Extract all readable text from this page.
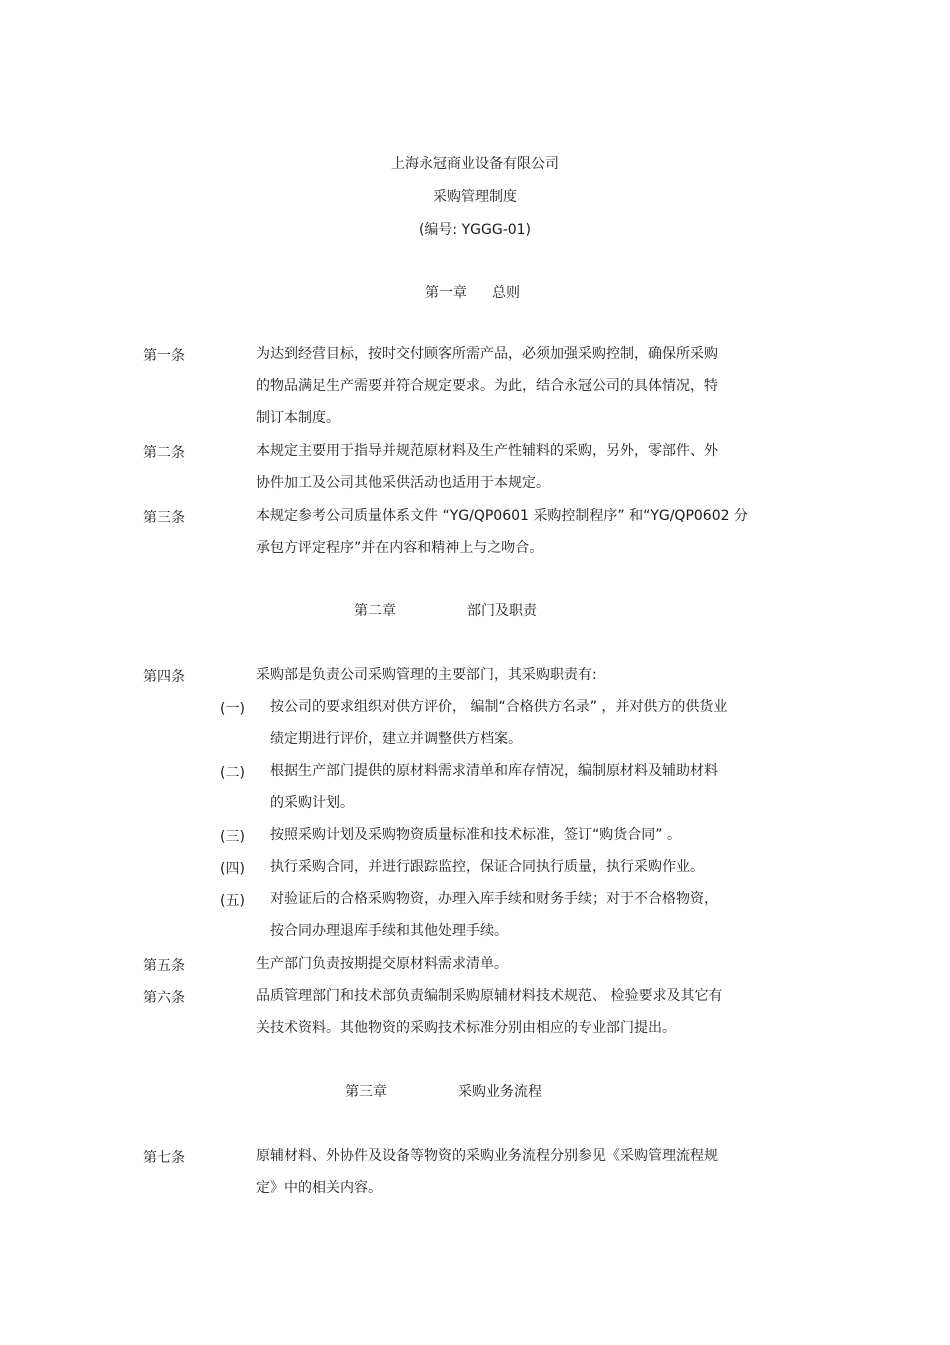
上海永冠商业设备有限公司
采购管理制度
(编号: YGGG-01)
第一章 总则
第一条	为达到经营目标，按时交付顾客所需产品，必须加强采购控制，确保所采购
的物品满足生产需要并符合规定要求。为此，结合永冠公司的具体情况，特
制订本制度。
第二条	本规定主要用于指导并规范原材料及生产性辅料的采购，另外，零部件、外
协件加工及公司其他采供活动也适用于本规定。
第三条	本规定参考公司质量体系文件 “YG/QP0601 采购控制程序” 和“YG/QP0602 分
承包方评定程序”并在内容和精神上与之吻合。
第二章	部门及职责
第四条	采购部是负责公司采购管理的主要部门，其采购职责有:
(一) 按公司的要求组织对供方评价， 编制“合格供方名录” ，并对供方的供货业
绩定期进行评价，建立并调整供方档案。
(二) 根据生产部门提供的原材料需求清单和库存情况，编制原材料及辅助材料
的采购计划。
(三) 按照采购计划及采购物资质量标准和技术标准，签订“购货合同” 。
(四) 执行采购合同，并进行跟踪监控，保证合同执行质量，执行采购作业。
(五) 对验证后的合格采购物资，办理入库手续和财务手续；对于不合格物资，
按合同办理退库手续和其他处理手续。
第五条	生产部门负责按期提交原材料需求清单。
第六条	品质管理部门和技术部负责编制采购原辅材料技术规范、 检验要求及其它有
关技术资料。其他物资的采购技术标准分别由相应的专业部门提出。
第三章	采购业务流程
第七条	原辅材料、外协件及设备等物资的采购业务流程分别参见《采购管理流程规
定》中的相关内容。
